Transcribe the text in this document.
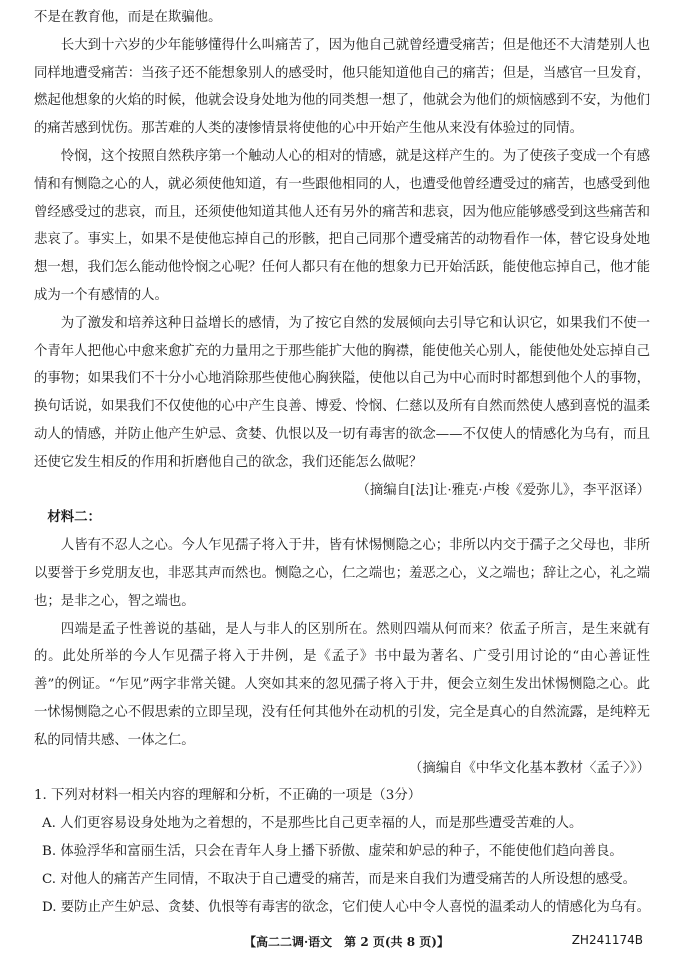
不是在教育他，而是在欺骗他。

长大到十六岁的少年能够懂得什么叫痛苦了，因为他自己就曾经遭受痛苦；但是他还不大清楚别人也同样地遭受痛苦：当孩子还不能想象别人的感受时，他只能知道他自己的痛苦；但是，当感官一旦发育，燃起他想象的火焰的时候，他就会设身处地为他的同类想一想了，他就会为他们的烦恼感到不安，为他们的痛苦感到忧伤。那苦难的人类的凄惨情景将使他的心中开始产生他从来没有体验过的同情。

怜悯，这个按照自然秩序第一个触动人心的相对的情感，就是这样产生的。为了使孩子变成一个有感情和有恻隐之心的人，就必须使他知道，有一些跟他相同的人，也遭受他曾经遭受过的痛苦，也感受到他曾经感受过的悲哀，而且，还须使他知道其他人还有另外的痛苦和悲哀，因为他应能够感受到这些痛苦和悲哀了。事实上，如果不是使他忘掉自己的形骸，把自己同那个遭受痛苦的动物看作一体，替它设身处地想一想，我们怎么能动他怜悯之心呢？任何人都只有在他的想象力已开始活跃，能使他忘掉自己，他才能成为一个有感情的人。

为了激发和培养这种日益增长的感情，为了按它自然的发展倾向去引导它和认识它，如果我们不使一个青年人把他心中愈来愈扩充的力量用之于那些能扩大他的胸襟，能使他关心别人，能使他处处忘掉自己的事物；如果我们不十分小心地消除那些使他心胸狭隘，使他以自己为中心而时时都想到他个人的事物，换句话说，如果我们不仅使他的心中产生良善、博爱、怜悯、仁慈以及所有自然而然使人感到喜悦的温柔动人的情感，并防止他产生妒忌、贪婪、仇恨以及一切有毒害的欲念——不仅使人的情感化为乌有，而且还使它发生相反的作用和折磨他自己的欲念，我们还能怎么做呢？

（摘编自[法]让·雅克·卢梭《爱弥儿》，李平沤译）

材料二：

人皆有不忍人之心。今人乍见孺子将入于井，皆有怵惕恻隐之心；非所以内交于孺子之父母也，非所以要誉于乡党朋友也，非恶其声而然也。恻隐之心，仁之端也；羞恶之心，义之端也；辞让之心，礼之端也；是非之心，智之端也。

四端是孟子性善说的基础，是人与非人的区别所在。然则四端从何而来？依孟子所言，是生来就有的。此处所举的今人乍见孺子将入于井例，是《孟子》书中最为著名、广受引用讨论的“由心善证性善”的例证。“乍见”两字非常关键。人突如其来的忽见孺子将入于井，便会立刻生发出怵惕恻隐之心。此一怵惕恻隐之心不假思索的立即呈现，没有任何其他外在动机的引发，完全是真心的自然流露，是纯粹无私的同情共感、一体之仁。

（摘编自《中华文化基本教材〈孟子〉》）

1. 下列对材料一相关内容的理解和分析，不正确的一项是（3分）

A. 人们更容易设身处地为之着想的，不是那些比自己更幸福的人，而是那些遭受苦难的人。

B. 体验浮华和富丽生活，只会在青年人身上播下骄傲、虚荣和妒忌的种子，不能使他们趋向善良。

C. 对他人的痛苦产生同情，不取决于自己遭受的痛苦，而是来自我们为遭受痛苦的人所设想的感受。

D. 要防止产生妒忌、贪婪、仇恨等有毒害的欲念，它们使人心中令人喜悦的温柔动人的情感化为乌有。

【高二二调·语文　第 2 页(共 8 页)】	ZH241174B
